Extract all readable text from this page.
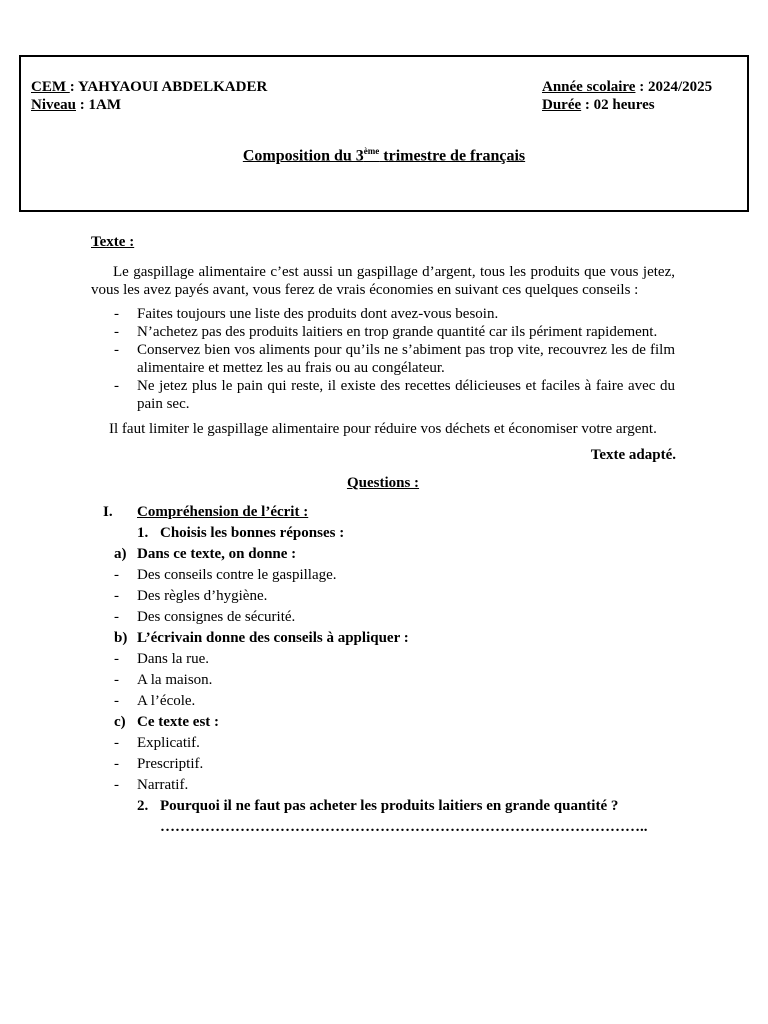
CEM : YAHYAOUI ABDELKADER
Niveau : 1AM
Année scolaire : 2024/2025
Durée : 02 heures
Composition du 3ème trimestre de français

Texte :

Le gaspillage alimentaire c’est aussi un gaspillage d’argent, tous les produits que vous jetez, vous les avez payés avant, vous ferez de vrais économies en suivant ces quelques conseils :

- Faites toujours une liste des produits dont avez-vous besoin.
- N’achetez pas des produits laitiers en trop grande quantité car ils périment rapidement.
- Conservez bien vos aliments pour qu’ils ne s’abiment pas trop vite, recouvrez les de film alimentaire et mettez les au frais ou au congélateur.
- Ne jetez plus le pain qui reste, il existe des recettes délicieuses et faciles à faire avec du pain sec.

Il faut limiter le gaspillage alimentaire pour réduire vos déchets et économiser votre argent.

Texte adapté.

Questions :
I. Compréhension de l’écrit :
1. Choisis les bonnes réponses :
a) Dans ce texte, on donne :
- Des conseils contre le gaspillage.
- Des règles d’hygiène.
- Des consignes de sécurité.
b) L’écrivain donne des conseils à appliquer :
- Dans la rue.
- A la maison.
- A l’école.
c) Ce texte est :
- Explicatif.
- Prescriptif.
- Narratif.
2. Pourquoi il ne faut pas acheter les produits laitiers en grande quantité ?
……………………………………………………………………………………..
